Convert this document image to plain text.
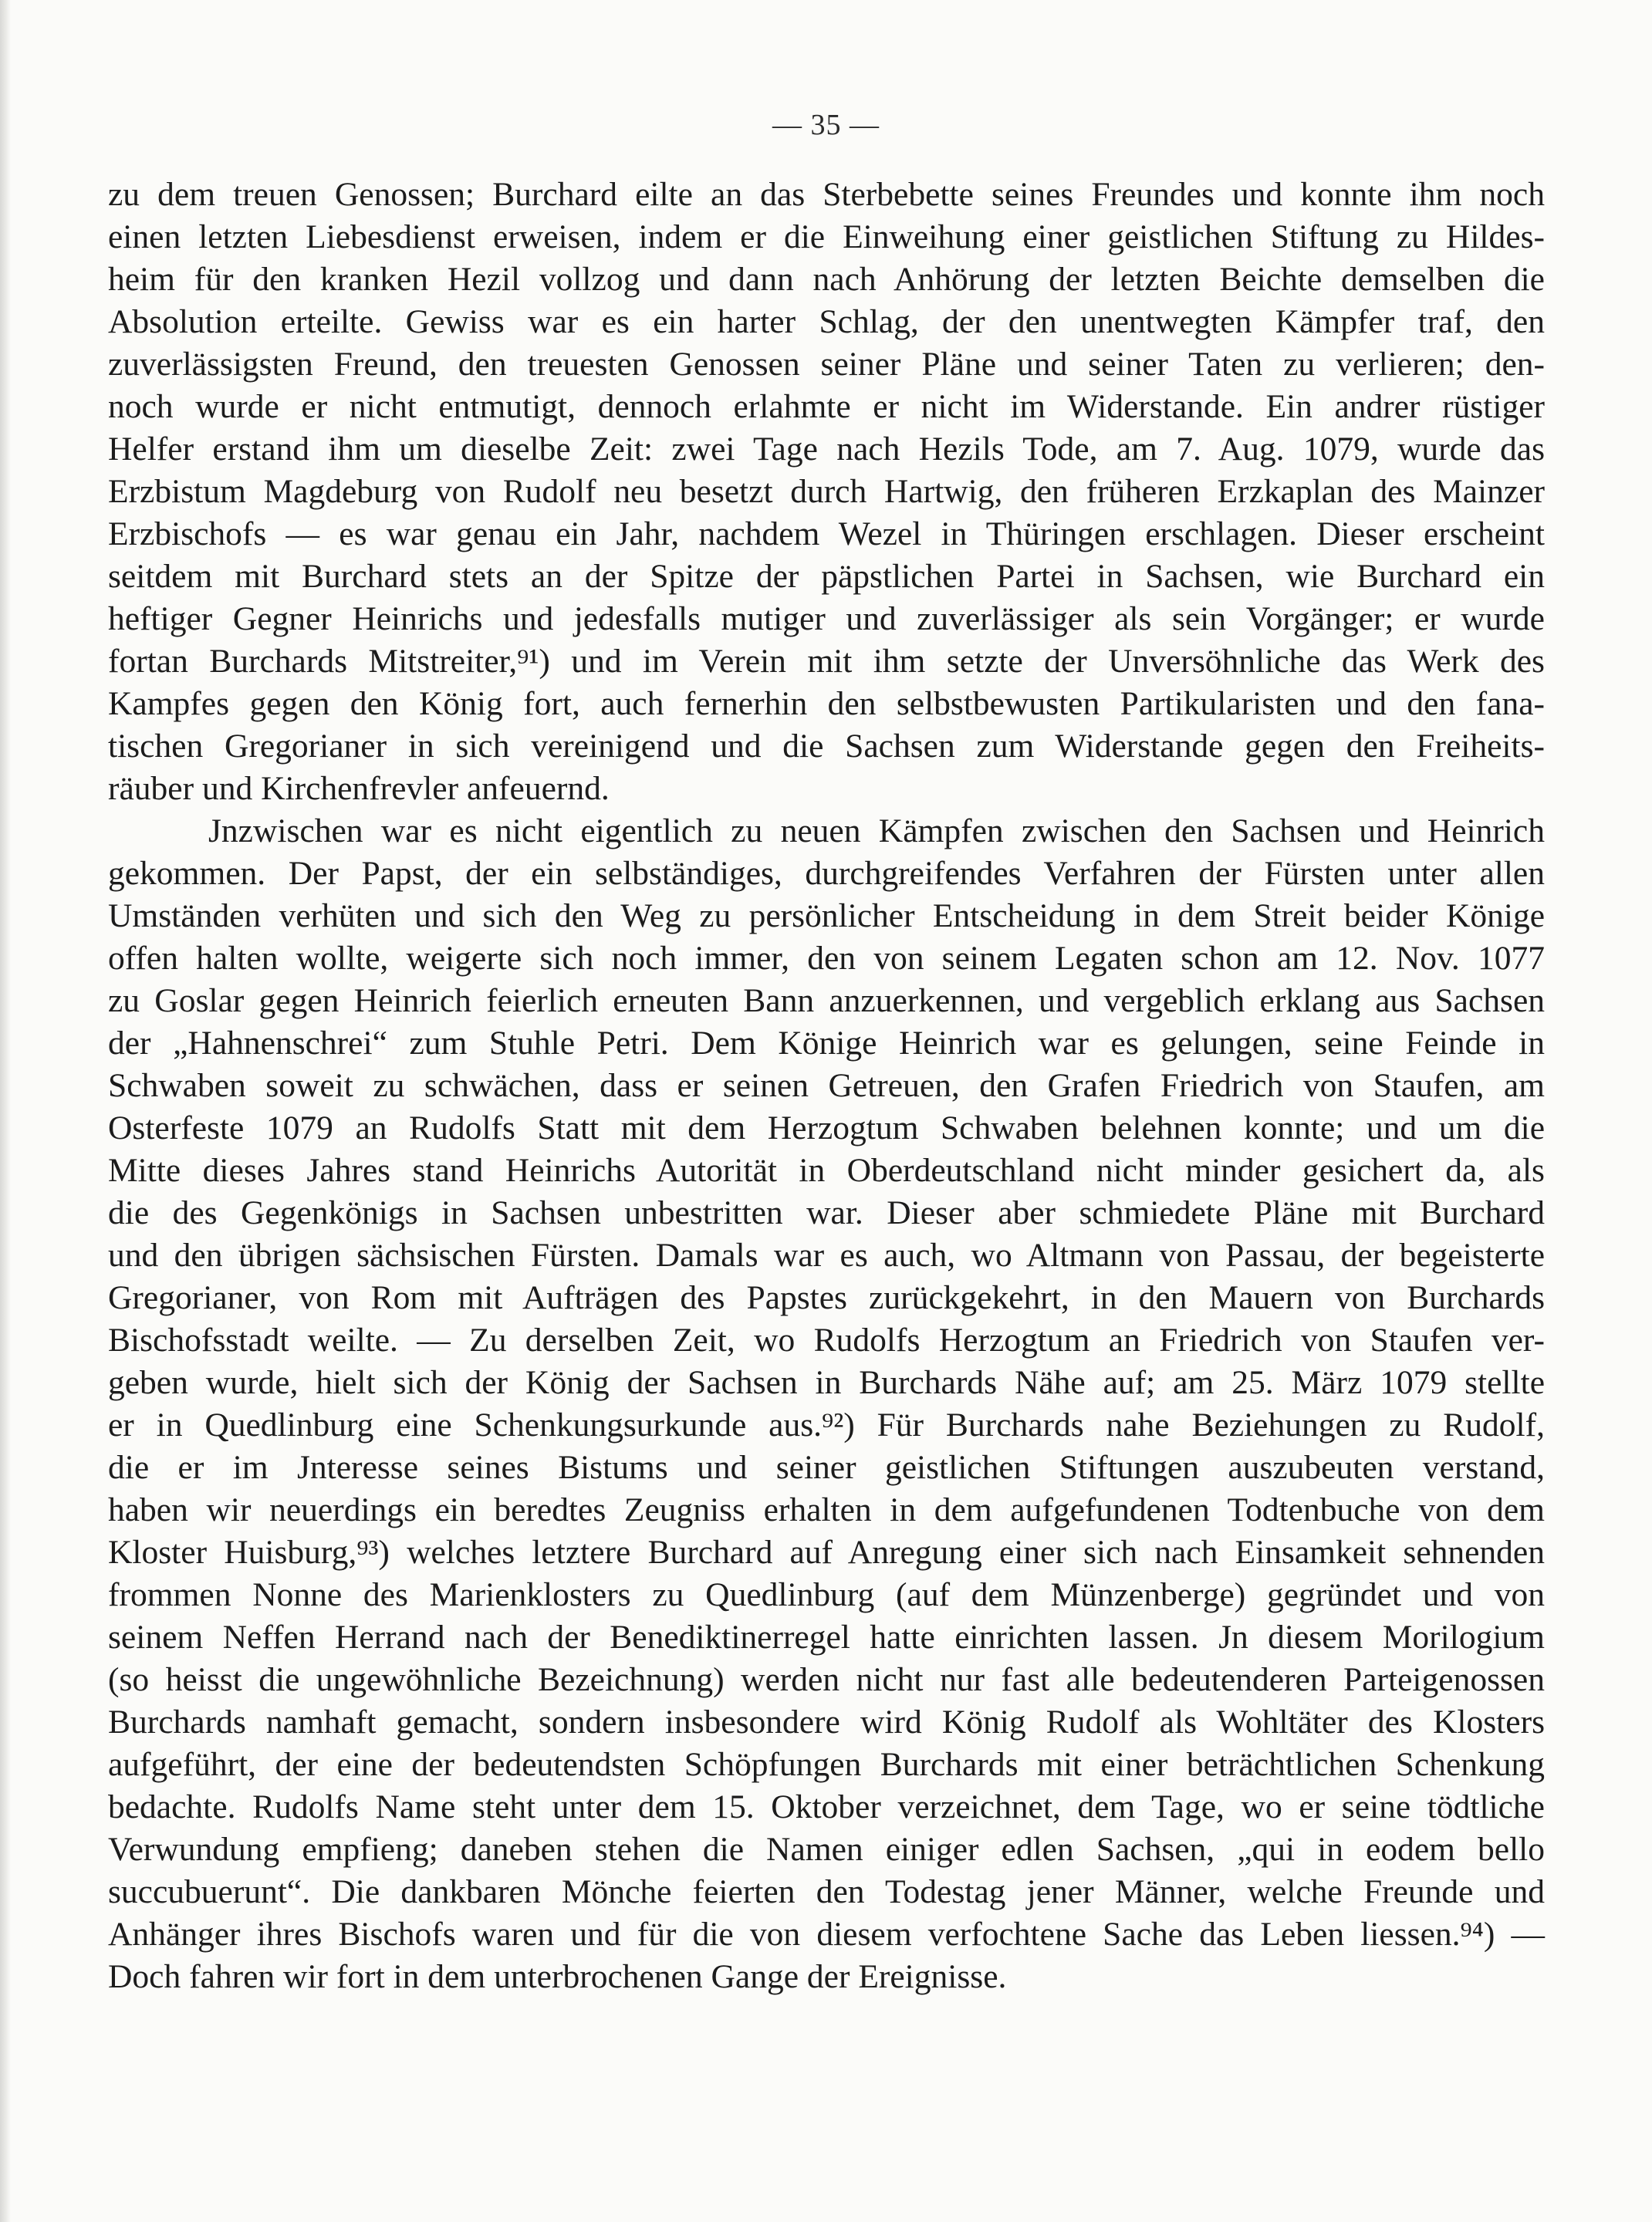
— 35 —

zu dem treuen Genossen; Burchard eilte an das Sterbebette seines Freundes und konnte ihm noch
einen letzten Liebesdienst erweisen, indem er die Einweihung einer geistlichen Stiftung zu Hildes-
heim für den kranken Hezil vollzog und dann nach Anhörung der letzten Beichte demselben die
Absolution erteilte. Gewiss war es ein harter Schlag, der den unentwegten Kämpfer traf, den
zuverlässigsten Freund, den treuesten Genossen seiner Pläne und seiner Taten zu verlieren; den-
noch wurde er nicht entmutigt, dennoch erlahmte er nicht im Widerstande. Ein andrer rüstiger
Helfer erstand ihm um dieselbe Zeit: zwei Tage nach Hezils Tode, am 7. Aug. 1079, wurde das
Erzbistum Magdeburg von Rudolf neu besetzt durch Hartwig, den früheren Erzkaplan des Mainzer
Erzbischofs — es war genau ein Jahr, nachdem Wezel in Thüringen erschlagen. Dieser erscheint
seitdem mit Burchard stets an der Spitze der päpstlichen Partei in Sachsen, wie Burchard ein
heftiger Gegner Heinrichs und jedesfalls mutiger und zuverlässiger als sein Vorgänger; er wurde
fortan Burchards Mitstreiter,⁹¹) und im Verein mit ihm setzte der Unversöhnliche das Werk des
Kampfes gegen den König fort, auch fernerhin den selbstbewusten Partikularisten und den fana-
tischen Gregorianer in sich vereinigend und die Sachsen zum Widerstande gegen den Freiheits-
räuber und Kirchenfrevler anfeuernd.

Jnzwischen war es nicht eigentlich zu neuen Kämpfen zwischen den Sachsen und Heinrich
gekommen. Der Papst, der ein selbständiges, durchgreifendes Verfahren der Fürsten unter allen
Umständen verhüten und sich den Weg zu persönlicher Entscheidung in dem Streit beider Könige
offen halten wollte, weigerte sich noch immer, den von seinem Legaten schon am 12. Nov. 1077
zu Goslar gegen Heinrich feierlich erneuten Bann anzuerkennen, und vergeblich erklang aus Sachsen
der „Hahnenschrei“ zum Stuhle Petri. Dem Könige Heinrich war es gelungen, seine Feinde in
Schwaben soweit zu schwächen, dass er seinen Getreuen, den Grafen Friedrich von Staufen, am
Osterfeste 1079 an Rudolfs Statt mit dem Herzogtum Schwaben belehnen konnte; und um die
Mitte dieses Jahres stand Heinrichs Autorität in Oberdeutschland nicht minder gesichert da, als
die des Gegenkönigs in Sachsen unbestritten war. Dieser aber schmiedete Pläne mit Burchard
und den übrigen sächsischen Fürsten. Damals war es auch, wo Altmann von Passau, der begeisterte
Gregorianer, von Rom mit Aufträgen des Papstes zurückgekehrt, in den Mauern von Burchards
Bischofsstadt weilte. — Zu derselben Zeit, wo Rudolfs Herzogtum an Friedrich von Staufen ver-
geben wurde, hielt sich der König der Sachsen in Burchards Nähe auf; am 25. März 1079 stellte
er in Quedlinburg eine Schenkungsurkunde aus.⁹²) Für Burchards nahe Beziehungen zu Rudolf,
die er im Jnteresse seines Bistums und seiner geistlichen Stiftungen auszubeuten verstand,
haben wir neuerdings ein beredtes Zeugniss erhalten in dem aufgefundenen Todtenbuche von dem
Kloster Huisburg,⁹³) welches letztere Burchard auf Anregung einer sich nach Einsamkeit sehnenden
frommen Nonne des Marienklosters zu Quedlinburg (auf dem Münzenberge) gegründet und von
seinem Neffen Herrand nach der Benediktinerregel hatte einrichten lassen. Jn diesem Morilogium
(so heisst die ungewöhnliche Bezeichnung) werden nicht nur fast alle bedeutenderen Parteigenossen
Burchards namhaft gemacht, sondern insbesondere wird König Rudolf als Wohltäter des Klosters
aufgeführt, der eine der bedeutendsten Schöpfungen Burchards mit einer beträchtlichen Schenkung
bedachte. Rudolfs Name steht unter dem 15. Oktober verzeichnet, dem Tage, wo er seine tödtliche
Verwundung empfieng; daneben stehen die Namen einiger edlen Sachsen, „qui in eodem bello
succubuerunt“. Die dankbaren Mönche feierten den Todestag jener Männer, welche Freunde und
Anhänger ihres Bischofs waren und für die von diesem verfochtene Sache das Leben liessen.⁹⁴) —
Doch fahren wir fort in dem unterbrochenen Gange der Ereignisse.
